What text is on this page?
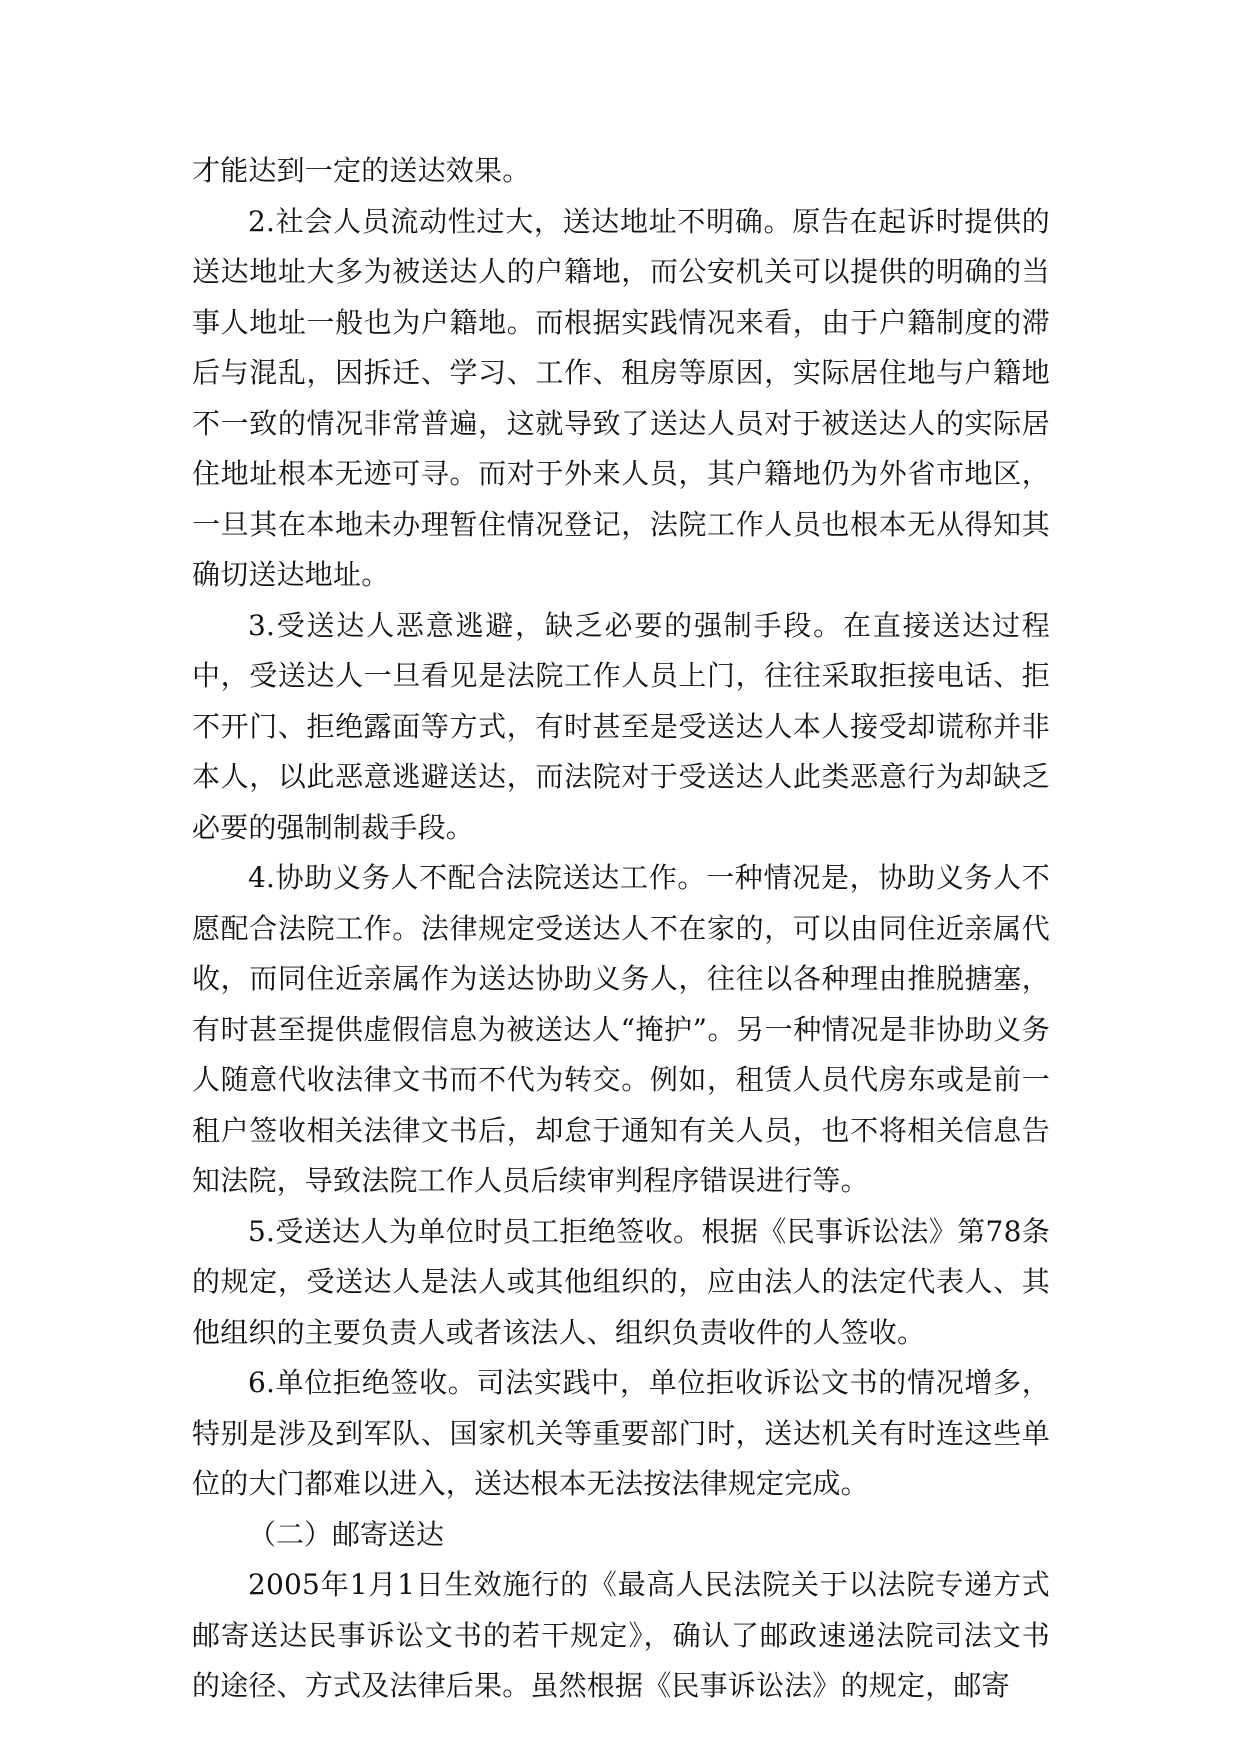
才能达到一定的送达效果。

2.社会人员流动性过大，送达地址不明确。原告在起诉时提供的送达地址大多为被送达人的户籍地，而公安机关可以提供的明确的当事人地址一般也为户籍地。而根据实践情况来看，由于户籍制度的滞后与混乱，因拆迁、学习、工作、租房等原因，实际居住地与户籍地不一致的情况非常普遍，这就导致了送达人员对于被送达人的实际居住地址根本无迹可寻。而对于外来人员，其户籍地仍为外省市地区，一旦其在本地未办理暂住情况登记，法院工作人员也根本无从得知其确切送达地址。

3.受送达人恶意逃避，缺乏必要的强制手段。在直接送达过程中，受送达人一旦看见是法院工作人员上门，往往采取拒接电话、拒不开门、拒绝露面等方式，有时甚至是受送达人本人接受却谎称并非本人，以此恶意逃避送达，而法院对于受送达人此类恶意行为却缺乏必要的强制制裁手段。

4.协助义务人不配合法院送达工作。一种情况是，协助义务人不愿配合法院工作。法律规定受送达人不在家的，可以由同住近亲属代收，而同住近亲属作为送达协助义务人，往往以各种理由推脱搪塞，有时甚至提供虚假信息为被送达人“掩护”。另一种情况是非协助义务人随意代收法律文书而不代为转交。例如，租赁人员代房东或是前一租户签收相关法律文书后，却怠于通知有关人员，也不将相关信息告知法院，导致法院工作人员后续审判程序错误进行等。

5.受送达人为单位时员工拒绝签收。根据《民事诉讼法》第78条的规定，受送达人是法人或其他组织的，应由法人的法定代表人、其他组织的主要负责人或者该法人、组织负责收件的人签收。

6.单位拒绝签收。司法实践中，单位拒收诉讼文书的情况增多，特别是涉及到军队、国家机关等重要部门时，送达机关有时连这些单位的大门都难以进入，送达根本无法按法律规定完成。

（二）邮寄送达

2005年1月1日生效施行的《最高人民法院关于以法院专递方式邮寄送达民事诉讼文书的若干规定》，确认了邮政速递法院司法文书的途径、方式及法律后果。虽然根据《民事诉讼法》的规定，邮寄
